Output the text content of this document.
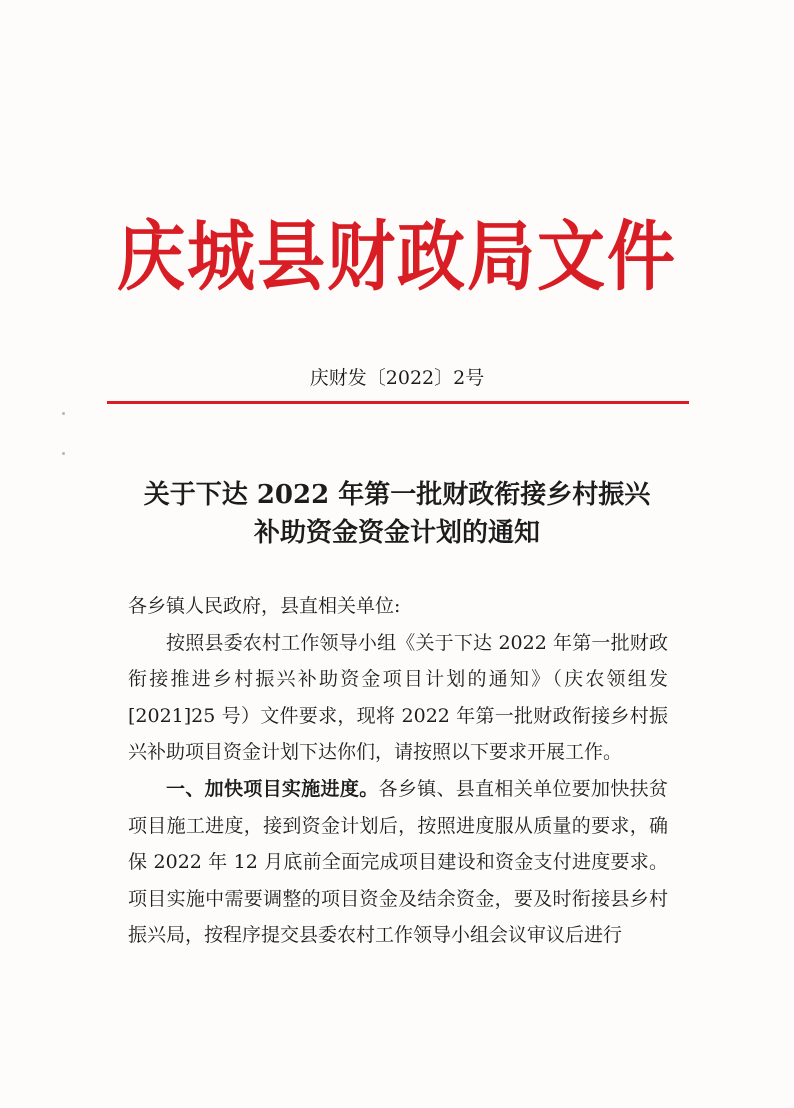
庆城县财政局文件
庆财发〔2022〕2号
关于下达 2022 年第一批财政衔接乡村振兴
补助资金资金计划的通知
各乡镇人民政府，县直相关单位:

按照县委农村工作领导小组《关于下达 2022 年第一批财政衔接推进乡村振兴补助资金项目计划的通知》（庆农领组发[2021]25 号）文件要求，现将 2022 年第一批财政衔接乡村振兴补助项目资金计划下达你们，请按照以下要求开展工作。

一、加快项目实施进度。各乡镇、县直相关单位要加快扶贫项目施工进度，接到资金计划后，按照进度服从质量的要求，确保 2022 年 12 月底前全面完成项目建设和资金支付进度要求。项目实施中需要调整的项目资金及结余资金，要及时衔接县乡村振兴局，按程序提交县委农村工作领导小组会议审议后进行
